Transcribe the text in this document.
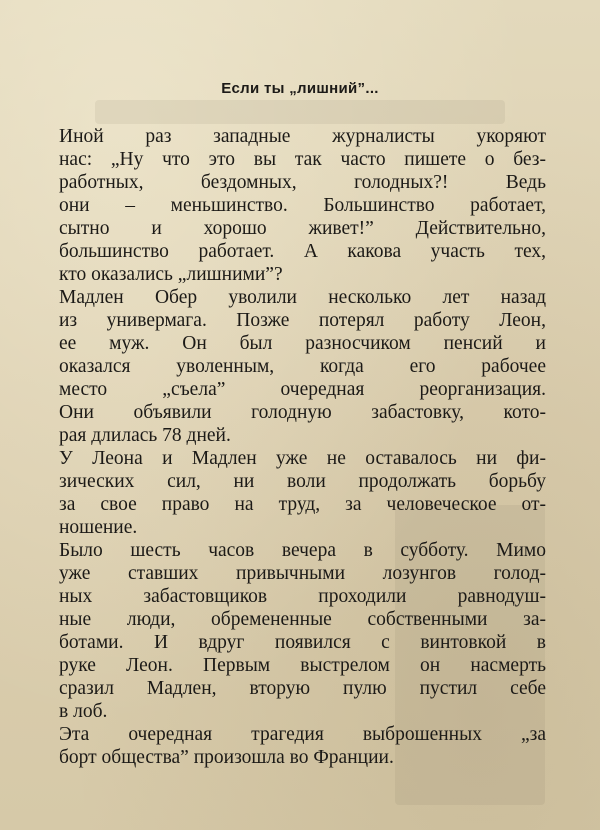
Если ты „лишний”...

Иной раз западные журналисты укоряют
нас: „Ну что это вы так часто пишете о без-
работных, бездомных, голодных?! Ведь
они – меньшинство. Большинство работает,
сытно и хорошо живет!” Действительно,
большинство работает. А какова участь тех,
кто оказались „лишними”?

Мадлен Обер уволили несколько лет назад
из универмага. Позже потерял работу Леон,
ее муж. Он был разносчиком пенсий и
оказался уволенным, когда его рабочее
место „съела” очередная реорганизация.
Они объявили голодную забастовку, кото-
рая длилась 78 дней.

У Леона и Мадлен уже не оставалось ни фи-
зических сил, ни воли продолжать борьбу
за свое право на труд, за человеческое от-
ношение.

Было шесть часов вечера в субботу. Мимо
уже ставших привычными лозунгов голод-
ных забастовщиков проходили равнодуш-
ные люди, обремененные собственными за-
ботами. И вдруг появился с винтовкой в
руке Леон. Первым выстрелом он насмерть
сразил Мадлен, вторую пулю пустил себе
в лоб.

Эта очередная трагедия выброшенных „за
борт общества” произошла во Франции.
